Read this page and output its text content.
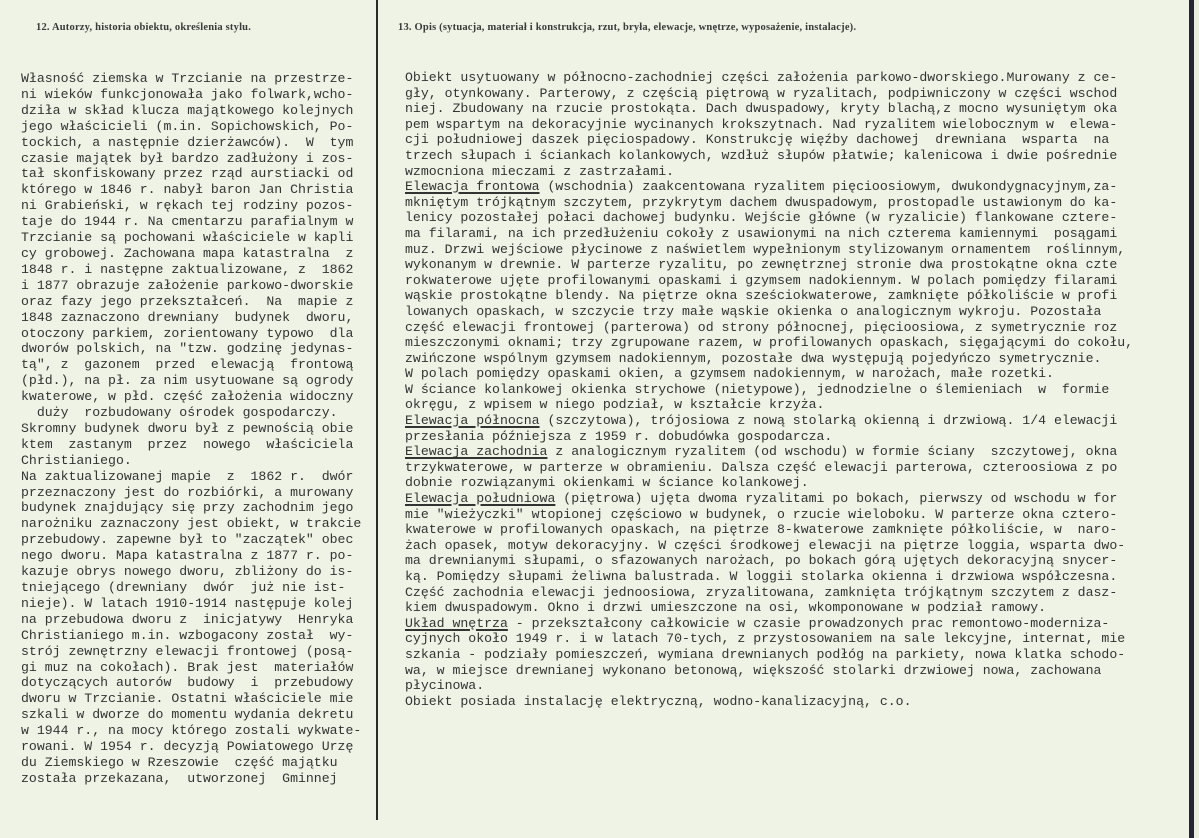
12. Autorzy, historia obiektu, określenia stylu.	13. Opis (sytuacja, materiał i konstrukcja, rzut, bryła, elewacje, wnętrze, wyposażenie, instalacje).
Własność ziemska w Trzcianie na przestrze-
ni wieków funkcjonowała jako folwark,wcho-
dziła w skład klucza majątkowego kolejnych
jego właścicieli (m.in. Sopichowskich, Po-
tockich, a następnie dzierżawców).  W  tym
czasie majątek był bardzo zadłużony i zos-
tał skonfiskowany przez rząd aurstiacki od
którego w 1846 r. nabył baron Jan Christia
ni Grabieński, w rękach tej rodziny pozos-
taje do 1944 r. Na cmentarzu parafialnym w
Trzcianie są pochowani właściciele w kapli
cy grobowej. Zachowana mapa katastralna  z
1848 r. i następne zaktualizowane, z  1862
i 1877 obrazuje założenie parkowo-dworskie
oraz fazy jego przekształceń.  Na  mapie z
1848 zaznaczono drewniany  budynek  dworu,
otoczony parkiem, zorientowany typowo  dla
dworów polskich, na "tzw. godzinę jedynas-
tą", z  gazonem  przed  elewacją  frontową
(płd.), na pł. za nim usytuowane są ogrody
kwaterowe, w płd. część założenia widoczny
duży  rozbudowany ośrodek gospodarczy.
Skromny budynek dworu był z pewnością obie
ktem  zastanym  przez  nowego  właściciela
Christianiego.
Na zaktualizowanej mapie  z  1862 r.  dwór
przeznaczony jest do rozbiórki, a murowany
budynek znajdujący się przy zachodnim jego
narożniku zaznaczony jest obiekt, w trakcie
przebudowy. zapewne był to "zaczątek" obec
nego dworu. Mapa katastralna z 1877 r. po-
kazuje obrys nowego dworu, zbliżony do is-
tniejącego (drewniany  dwór  już nie ist-
nieje). W latach 1910-1914 następuje kolej
na przebudowa dworu z  inicjatywy  Henryka
Christianiego m.in. wzbogacony został  wy-
strój zewnętrzny elewacji frontowej (posą-
gi muz na cokołach). Brak jest  materiałów
dotyczących autorów  budowy  i  przebudowy
dworu w Trzcianie. Ostatni właściciele mie
szkali w dworze do momentu wydania dekretu
w 1944 r., na mocy którego zostali wykwate-
rowani. W 1954 r. decyzją Powiatowego Urzę
du Ziemskiego w Rzeszowie  część majątku
została przekazana,  utworzonej  Gminnej
Obiekt usytuowany w północno-zachodniej części założenia parkowo-dworskiego.Murowany z ce-
gły, otynkowany. Parterowy, z częścią piętrową w ryzalitach, podpiwniczony w części wschod
niej. Zbudowany na rzucie prostokąta. Dach dwuspadowy, kryty blachą,z mocno wysuniętym oka
pem wspartym na dekoracyjnie wycinanych krokszytnach. Nad ryzalitem wielobocznym w  elewa-
cji południowej daszek pięciospadowy. Konstrukcję więźby dachowej  drewniana  wsparta  na
trzech słupach i ściankach kolankowych, wzdłuż słupów płatwie; kalenicowa i dwie pośrednie
wzmocniona mieczami z zastrzałami.
Elewacja frontowa (wschodnia) zaakcentowana ryzalitem pięcioosiowym, dwukondygnacyjnym,za-
mkniętym trójkątnym szczytem, przykrytym dachem dwuspadowym, prostopadle ustawionym do ka-
lenicy pozostałej połaci dachowej budynku. Wejście główne (w ryzalicie) flankowane cztere-
ma filarami, na ich przedłużeniu cokoły z usawionymi na nich czterema kamiennymi  posągami
muz. Drzwi wejściowe płycinowe z naświetlem wypełnionym stylizowanym ornamentem  roślinnym,
wykonanym w drewnie. W parterze ryzalitu, po zewnętrznej stronie dwa prostokątne okna czte
rokwaterowe ujęte profilowanymi opaskami i gzymsem nadokiennym. W polach pomiędzy filarami
wąskie prostokątne blendy. Na piętrze okna sześciokwaterowe, zamknięte półkoliście w profi
lowanych opaskach, w szczycie trzy małe wąskie okienka o analogicznym wykroju. Pozostała
część elewacji frontowej (parterowa) od strony północnej, pięcioosiowa, z symetrycznie roz
mieszczonymi oknami; trzy zgrupowane razem, w profilowanych opaskach, sięgającymi do cokołu,
zwińczone wspólnym gzymsem nadokiennym, pozostałe dwa występują pojedyńczo symetrycznie.
W polach pomiędzy opaskami okien, a gzymsem nadokiennym, w narożach, małe rozetki.
W ściance kolankowej okienka strychowe (nietypowe), jednodzielne o ślemieniach  w  formie
okręgu, z wpisem w niego podział, w kształcie krzyża.
Elewacja północna (szczytowa), trójosiowa z nową stolarką okienną i drzwiową. 1/4 elewacji
przesłania późniejsza z 1959 r. dobudówka gospodarcza.
Elewacja zachodnia z analogicznym ryzalitem (od wschodu) w formie ściany  szczytowej, okna
trzykwaterowe, w parterze w obramieniu. Dalsza część elewacji parterowa, czteroosiowa z po
dobnie rozwiązanymi okienkami w ściance kolankowej.
Elewacja południowa (piętrowa) ujęta dwoma ryzalitami po bokach, pierwszy od wschodu w for
mie "wieżyczki" wtopionej częściowo w budynek, o rzucie wieloboku. W parterze okna cztero-
kwaterowe w profilowanych opaskach, na piętrze 8-kwaterowe zamknięte półkoliście, w  naro-
żach opasek, motyw dekoracyjny. W części środkowej elewacji na piętrze loggia, wsparta dwo-
ma drewnianymi słupami, o sfazowanych narożach, po bokach górą ujętych dekoracyjną snycer-
ką. Pomiędzy słupami żeliwna balustrada. W loggii stolarka okienna i drzwiowa współczesna.
Część zachodnia elewacji jednoosiowa, zryzalitowana, zamknięta trójkątnym szczytem z dasz-
kiem dwuspadowym. Okno i drzwi umieszczone na osi, wkomponowane w podział ramowy.
Układ wnętrza - przekształcony całkowicie w czasie prowadzonych prac remontowo-moderniza-
cyjnych około 1949 r. i w latach 70-tych, z przystosowaniem na sale lekcyjne, internat, mie
szkania - podziały pomieszczeń, wymiana drewnianych podłóg na parkiety, nowa klatka schodo-
wa, w miejsce drewnianej wykonano betonową, większość stolarki drzwiowej nowa, zachowana
płycinowa.
Obiekt posiada instalację elektryczną, wodno-kanalizacyjną, c.o.
